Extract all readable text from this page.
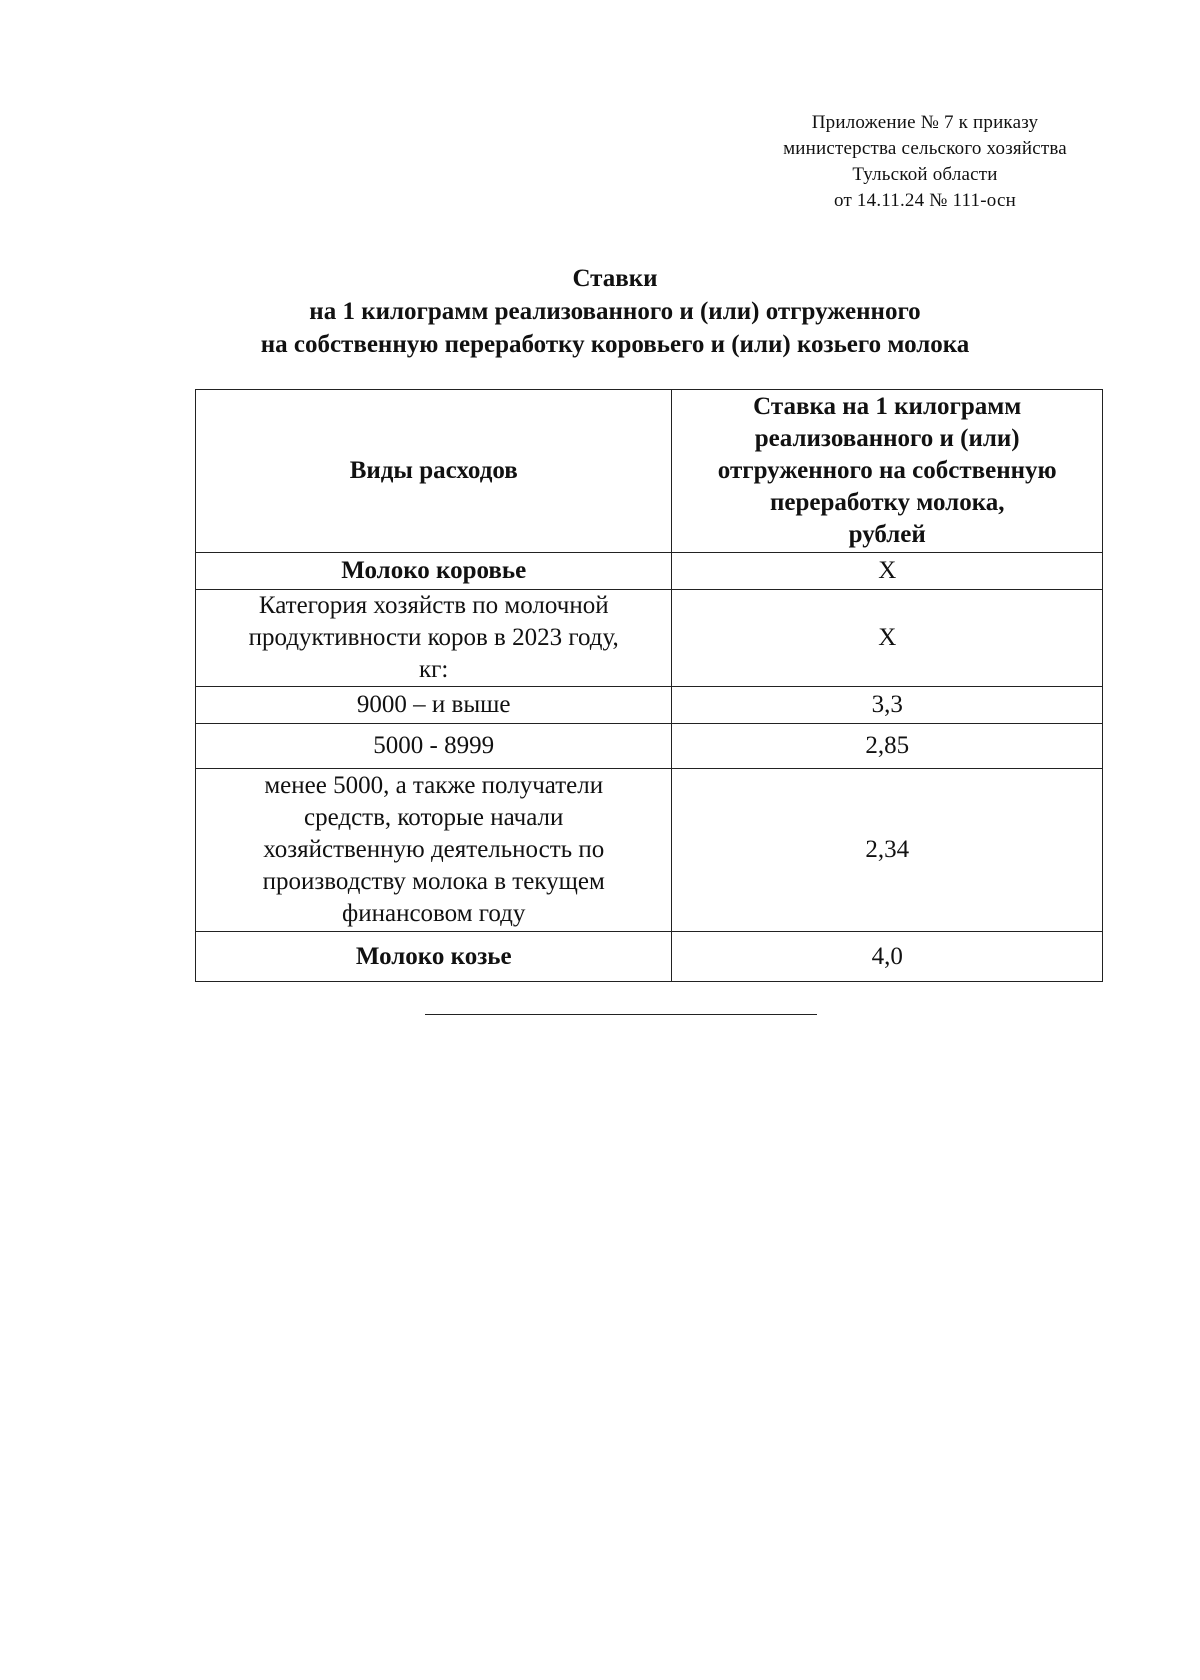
Приложение № 7 к приказу
министерства сельского хозяйства
Тульской области
от 14.11.24 № 111-осн
Ставки
на 1 килограмм реализованного и (или) отгруженного
на собственную переработку коровьего и (или) козьего молока
Виды расходов	Ставка на 1 килограмм
реализованного и (или)
отгруженного на собственную
переработку молока,
рублей

Молоко коровье	Х

Категория хозяйств по молочной
продуктивности коров в 2023 году,
кг:	Х

9000 – и выше	3,3

5000 - 8999	2,85

менее 5000, а также получатели
средств, которые начали
хозяйственную деятельность по
производству молока в текущем
финансовом году	2,34

Молоко козье	4,0
